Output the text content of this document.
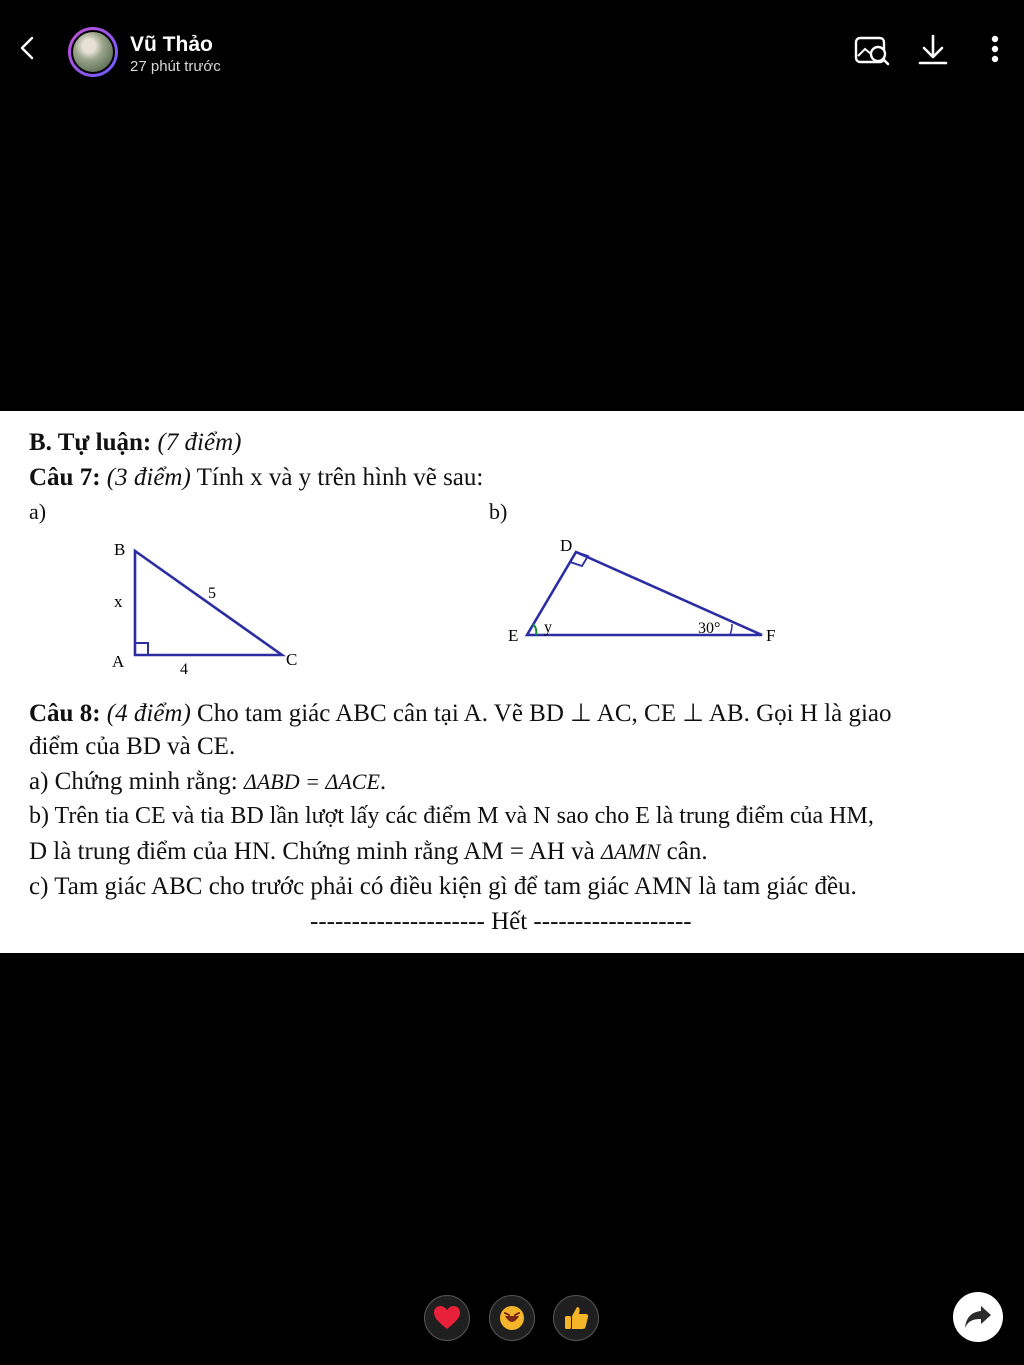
Vũ Thảo
27 phút trước
B. Tự luận: (7 điểm)
Câu 7: (3 điểm) Tính x và y trên hình vẽ sau:
a)	b)
B
A	C
x	5
4
D
E	F
y	30°
Câu 8: (4 điểm) Cho tam giác ABC cân tại A. Vẽ BD ⊥ AC, CE ⊥ AB. Gọi H là giao
điểm của BD và CE.
a) Chứng minh rằng: ΔABD = ΔACE.
b) Trên tia CE và tia BD lần lượt lấy các điểm M và N sao cho E là trung điểm của HM,
D là trung điểm của HN. Chứng minh rằng AM = AH và ΔAMN cân.
c) Tam giác ABC cho trước phải có điều kiện gì để tam giác AMN là tam giác đều.
--------------------- Hết -------------------
